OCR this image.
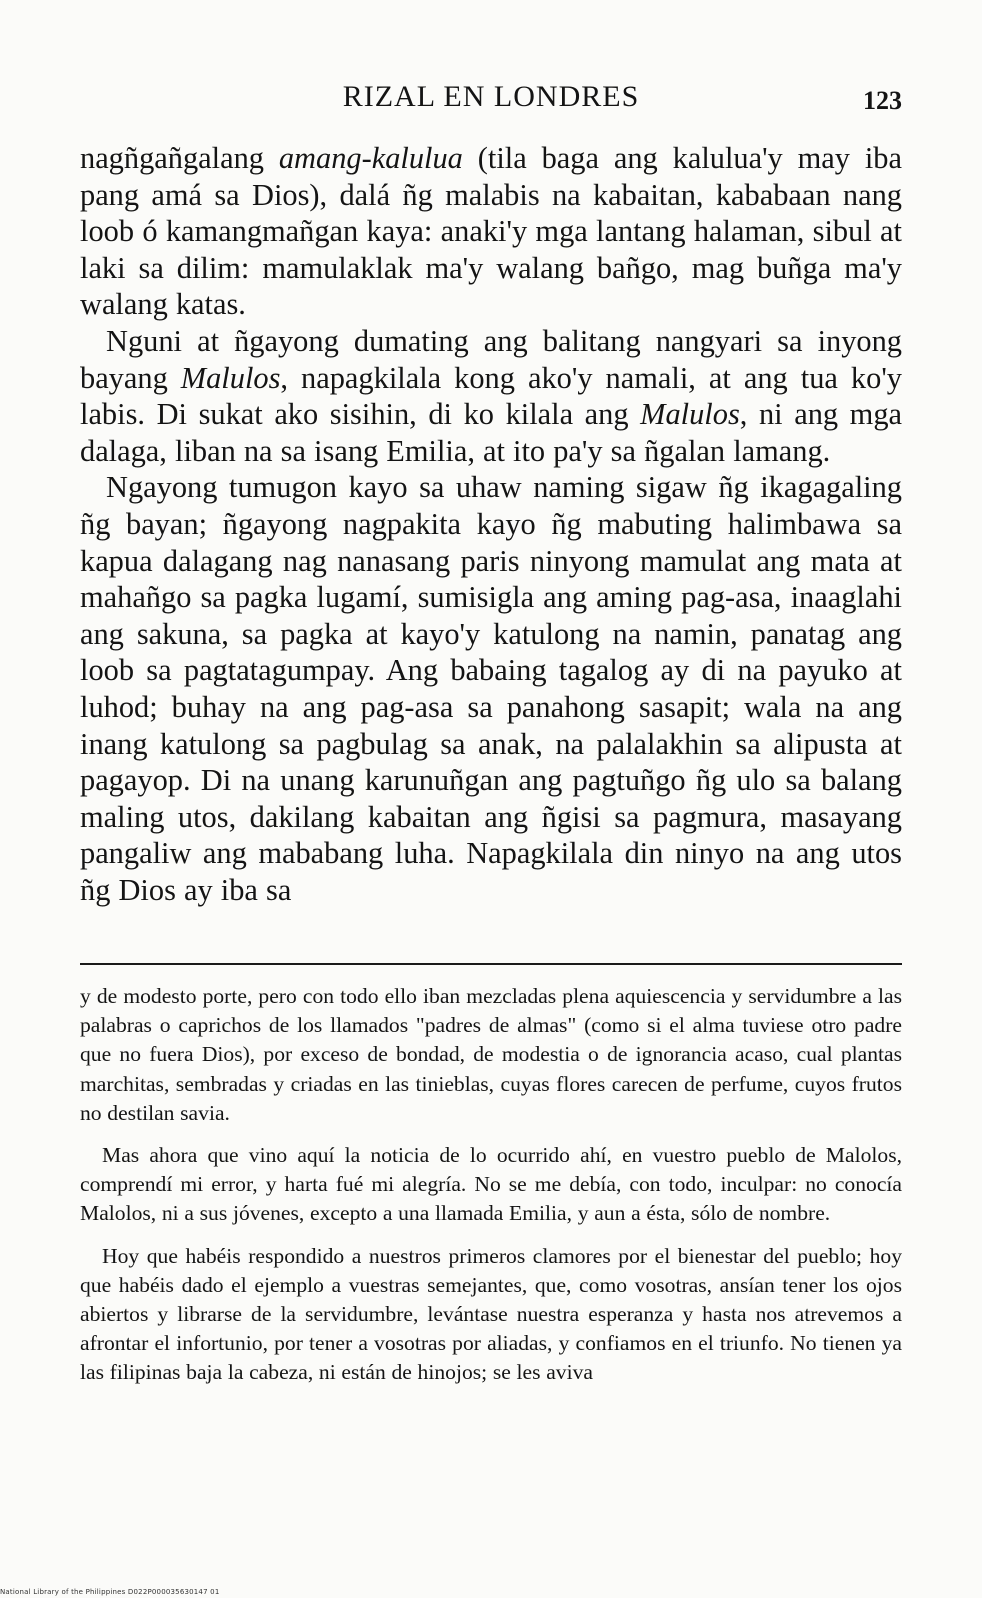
RIZAL EN LONDRES	123

nagñgañgalang amang-kalulua (tila baga ang kalulua'y may iba pang amá sa Dios), dalá ñg malabis na kabaitan, kababaan nang loob ó kamangmañgan kaya: anaki'y mga lantang halaman, sibul at laki sa dilim: mamulaklak ma'y walang bañgo, mag buñga ma'y walang katas.

Nguni at ñgayong dumating ang balitang nangyari sa inyong bayang Malulos, napagkilala kong ako'y namali, at ang tua ko'y labis. Di sukat ako sisihin, di ko kilala ang Malulos, ni ang mga dalaga, liban na sa isang Emilia, at ito pa'y sa ñgalan lamang.

Ngayong tumugon kayo sa uhaw naming sigaw ñg ikagagaling ñg bayan; ñgayong nagpakita kayo ñg mabuting halimbawa sa kapua dalagang nag nanasang paris ninyong mamulat ang mata at mahañgo sa pagka lugamí, sumisigla ang aming pag-asa, inaaglahi ang sakuna, sa pagka at kayo'y katulong na namin, panatag ang loob sa pagtatagumpay. Ang babaing tagalog ay di na payuko at luhod; buhay na ang pag-asa sa panahong sasapit; wala na ang inang katulong sa pagbulag sa anak, na palalakhin sa alipusta at pagayop. Di na unang karunuñgan ang pagtuñgo ñg ulo sa balang maling utos, dakilang kabaitan ang ñgisi sa pagmura, masayang pangaliw ang mababang luha. Napagkilala din ninyo na ang utos ñg Dios ay iba sa

y de modesto porte, pero con todo ello iban mezcladas plena aquiescencia y servidumbre a las palabras o caprichos de los llamados "padres de almas" (como si el alma tuviese otro padre que no fuera Dios), por exceso de bondad, de modestia o de ignorancia acaso, cual plantas marchitas, sembradas y criadas en las tinieblas, cuyas flores carecen de perfume, cuyos frutos no destilan savia.

Mas ahora que vino aquí la noticia de lo ocurrido ahí, en vuestro pueblo de Malolos, comprendí mi error, y harta fué mi alegría. No se me debía, con todo, inculpar: no conocía Malolos, ni a sus jóvenes, excepto a una llamada Emilia, y aun a ésta, sólo de nombre.

Hoy que habéis respondido a nuestros primeros clamores por el bienestar del pueblo; hoy que habéis dado el ejemplo a vuestras semejantes, que, como vosotras, ansían tener los ojos abiertos y librarse de la servidumbre, levántase nuestra esperanza y hasta nos atrevemos a afrontar el infortunio, por tener a vosotras por aliadas, y confiamos en el triunfo. No tienen ya las filipinas baja la cabeza, ni están de hinojos; se les aviva

National Library of the Philippines D022P000035630147 01
